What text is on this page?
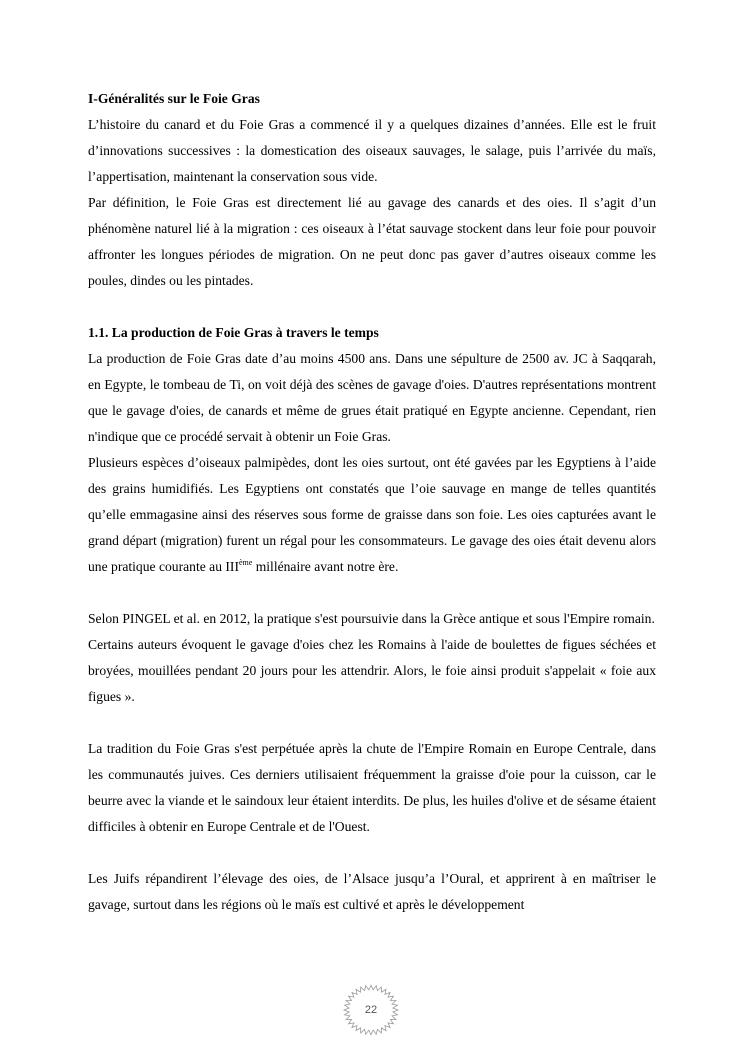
I-Généralités sur le Foie Gras

L’histoire du canard et du Foie Gras a commencé il y a quelques dizaines d’années. Elle est le fruit d’innovations successives : la domestication des oiseaux sauvages, le salage, puis l’arrivée du maïs, l’appertisation, maintenant la conservation sous vide.

Par définition, le Foie Gras est directement lié au gavage des canards et des oies. Il s’agit d’un phénomène naturel lié à la migration : ces oiseaux à l’état sauvage stockent dans leur foie pour pouvoir affronter les longues périodes de migration. On ne peut donc pas gaver d’autres oiseaux comme les poules, dindes ou les pintades.

1.1. La production de Foie Gras à travers le temps

La production de Foie Gras date d’au moins 4500 ans. Dans une sépulture de 2500 av. JC à Saqqarah, en Egypte, le tombeau de Ti, on voit déjà des scènes de gavage d'oies. D'autres représentations montrent que le gavage d'oies, de canards et même de grues était pratiqué en Egypte ancienne. Cependant, rien n'indique que ce procédé servait à obtenir un Foie Gras.

Plusieurs espèces d’oiseaux palmipèdes, dont les oies surtout, ont été gavées par les Egyptiens à l’aide des grains humidifiés. Les Egyptiens ont constatés que l’oie sauvage en mange de telles quantités qu’elle emmagasine ainsi des réserves sous forme de graisse dans son foie. Les oies capturées avant le grand départ (migration) furent un régal pour les consommateurs. Le gavage des oies était devenu alors une pratique courante au IIIème millénaire avant notre ère.

Selon PINGEL et al. en 2012, la pratique s'est poursuivie dans la Grèce antique et sous l'Empire romain.

Certains auteurs évoquent le gavage d'oies chez les Romains à l'aide de boulettes de figues séchées et broyées, mouillées pendant 20 jours pour les attendrir. Alors, le foie ainsi produit s'appelait « foie aux figues ».

La tradition du Foie Gras s'est perpétuée après la chute de l'Empire Romain en Europe Centrale, dans les communautés juives. Ces derniers utilisaient fréquemment la graisse d'oie pour la cuisson, car le beurre avec la viande et le saindoux leur étaient interdits. De plus, les huiles d'olive et de sésame étaient difficiles à obtenir en Europe Centrale et de l'Ouest.

Les Juifs répandirent l’élevage des oies, de l’Alsace jusqu’a l’Oural, et apprirent à en maîtriser le gavage, surtout dans les régions où le maïs est cultivé et après le développement

22
